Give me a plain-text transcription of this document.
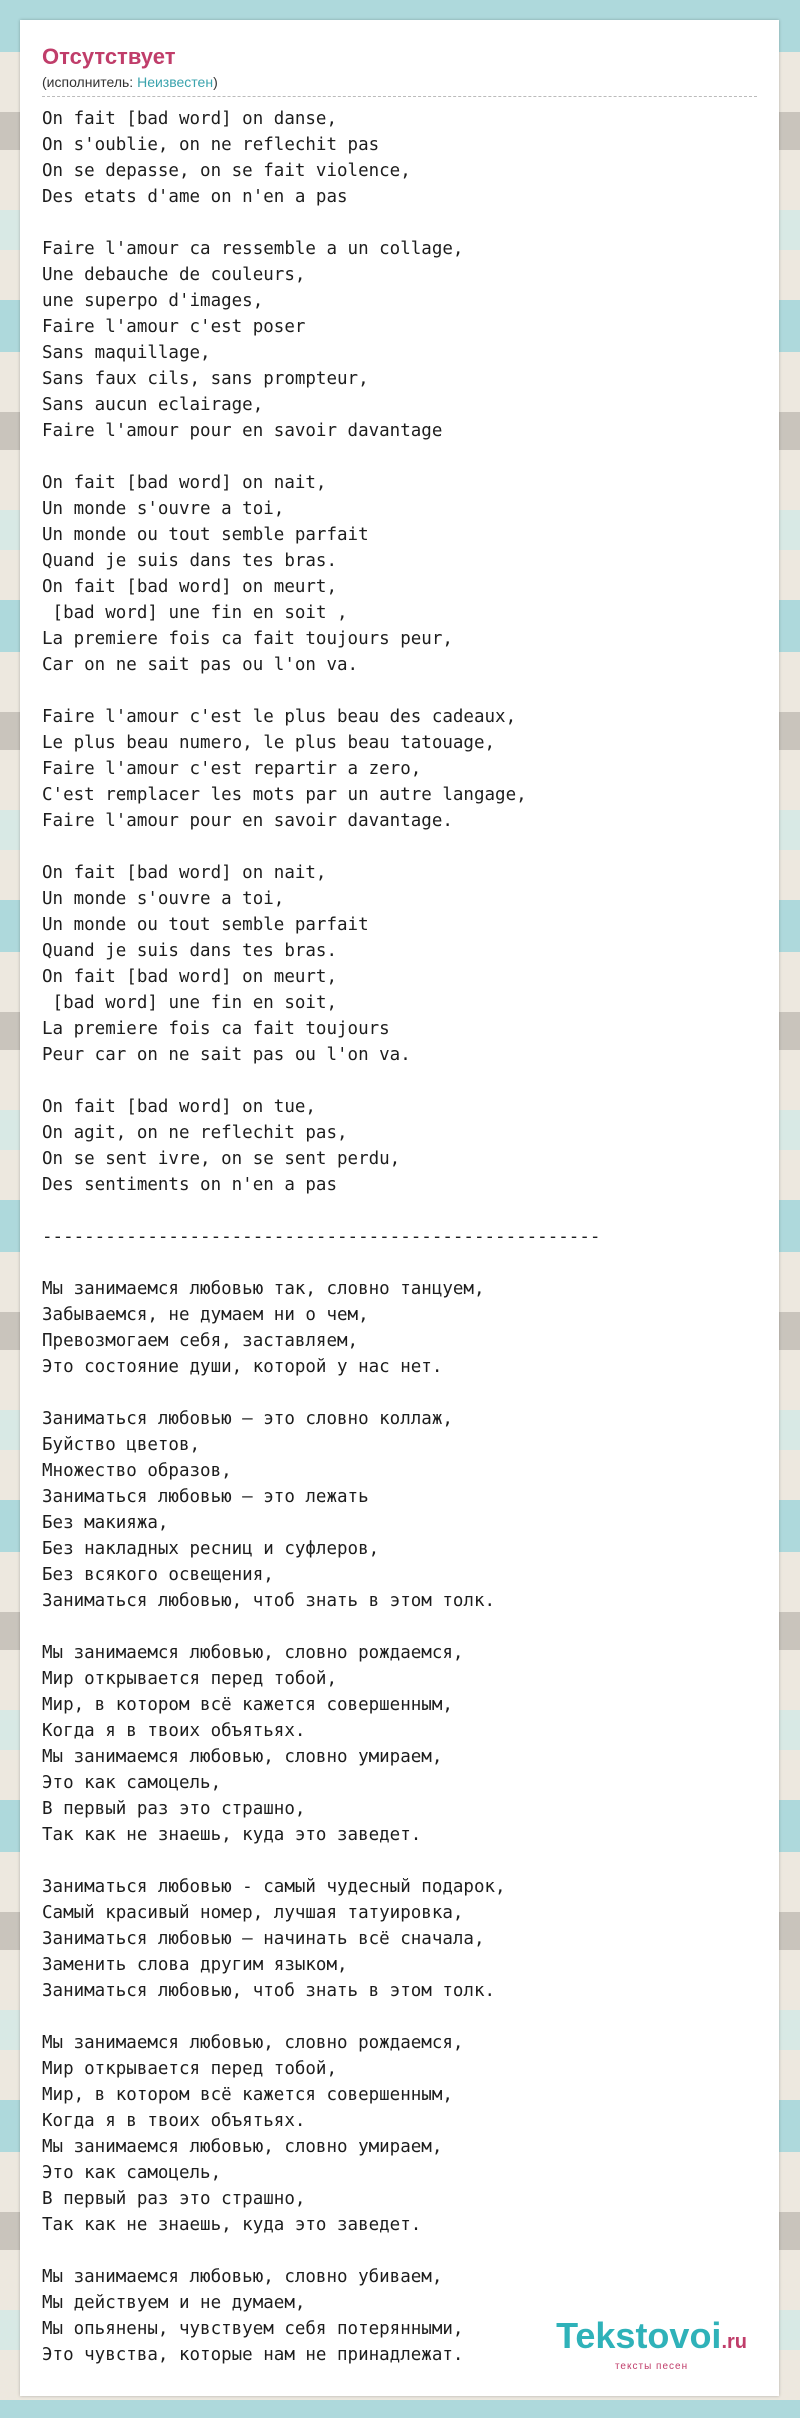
Отсутствует
(исполнитель: Неизвестен)
On fait [bad word] on danse,
On s'oublie, on ne reflechit pas
On se depasse, on se fait violence,
Des etats d'ame on n'en a pas

Faire l'amour ca ressemble a un collage,
Une debauche de couleurs,
une superpo d'images,
Faire l'amour c'est poser
Sans maquillage,
Sans faux cils, sans prompteur,
Sans aucun eclairage,
Faire l'amour pour en savoir davantage

On fait [bad word] on nait,
Un monde s'ouvre a toi,
Un monde ou tout semble parfait
Quand je suis dans tes bras.
On fait [bad word] on meurt,
[bad word] une fin en soit ,
La premiere fois ca fait toujours peur,
Car on ne sait pas ou l'on va.

Faire l'amour c'est le plus beau des cadeaux,
Le plus beau numero, le plus beau tatouage,
Faire l'amour c'est repartir a zero,
C'est remplacer les mots par un autre langage,
Faire l'amour pour en savoir davantage.

On fait [bad word] on nait,
Un monde s'ouvre a toi,
Un monde ou tout semble parfait
Quand je suis dans tes bras.
On fait [bad word] on meurt,
[bad word] une fin en soit,
La premiere fois ca fait toujours
Peur car on ne sait pas ou l'on va.

On fait [bad word] on tue,
On agit, on ne reflechit pas,
On se sent ivre, on se sent perdu,
Des sentiments on n'en a pas

-----------------------------------------------------

Мы занимаемся любовью так, словно танцуем,
Забываемся, не думаем ни о чем,
Превозмогаем себя, заставляем,
Это состояние души, которой у нас нет.

Заниматься любовью – это словно коллаж,
Буйство цветов,
Множество образов,
Заниматься любовью – это лежать
Без макияжа,
Без накладных ресниц и суфлеров,
Без всякого освещения,
Заниматься любовью, чтоб знать в этом толк.

Мы занимаемся любовью, словно рождаемся,
Мир открывается перед тобой,
Мир, в котором всё кажется совершенным,
Когда я в твоих объятьях.
Мы занимаемся любовью, словно умираем,
Это как самоцель,
В первый раз это страшно,
Так как не знаешь, куда это заведет.

Заниматься любовью - самый чудесный подарок,
Самый красивый номер, лучшая татуировка,
Заниматься любовью – начинать всё сначала,
Заменить слова другим языком,
Заниматься любовью, чтоб знать в этом толк.

Мы занимаемся любовью, словно рождаемся,
Мир открывается перед тобой,
Мир, в котором всё кажется совершенным,
Когда я в твоих объятьях.
Мы занимаемся любовью, словно умираем,
Это как самоцель,
В первый раз это страшно,
Так как не знаешь, куда это заведет.

Мы занимаемся любовью, словно убиваем,
Мы действуем и не думаем,
Мы опьянены, чувствуем себя потерянными,
Это чувства, которые нам не принадлежат.	Tekstovoi.ru
тексты песен
